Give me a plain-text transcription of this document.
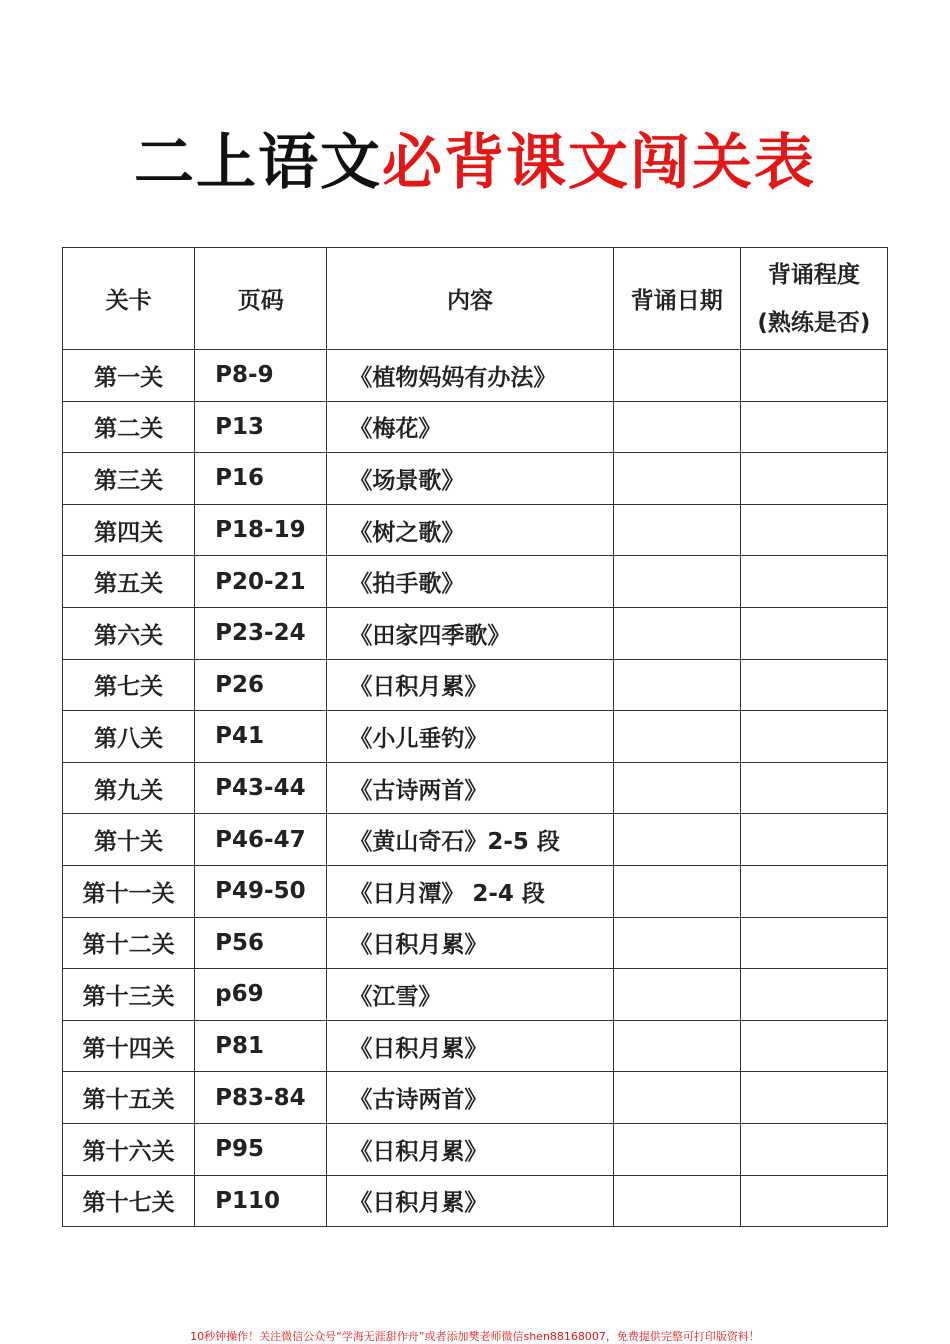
二上语文必背课文闯关表
关卡	页码	内容	背诵日期	背诵程度
(熟练是否)

第一关	P8-9	《植物妈妈有办法》		
第二关	P13	《梅花》		
第三关	P16	《场景歌》		
第四关	P18-19	《树之歌》		
第五关	P20-21	《拍手歌》		
第六关	P23-24	《田家四季歌》		
第七关	P26	《日积月累》		
第八关	P41	《小儿垂钓》		
第九关	P43-44	《古诗两首》		
第十关	P46-47	《黄山奇石》2-5 段		
第十一关	P49-50	《日月潭》 2-4 段		
第十二关	P56	《日积月累》		
第十三关	p69	《江雪》		
第十四关	P81	《日积月累》		
第十五关	P83-84	《古诗两首》		
第十六关	P95	《日积月累》		
第十七关	P110	《日积月累》		
10秒钟操作！关注微信公众号“学海无涯甜作舟”或者添加樊老师微信shen88168007，免费提供完整可打印版资料！
